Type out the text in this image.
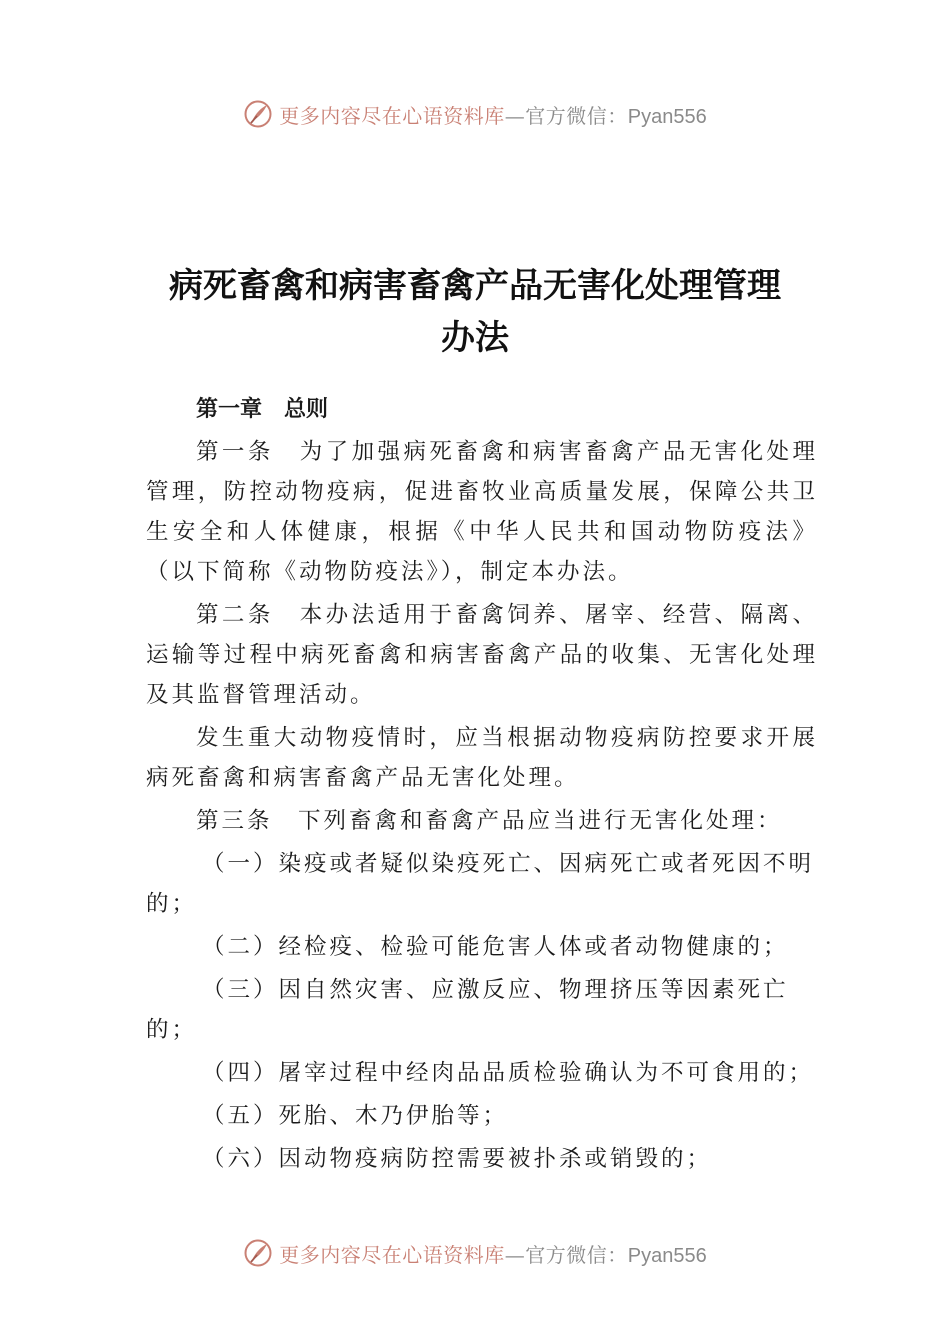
更多内容尽在心语资料库—官方微信：Pyan556
病死畜禽和病害畜禽产品无害化处理管理
办法
第一章　总则

第一条　为了加强病死畜禽和病害畜禽产品无害化处理管理，防控动物疫病，促进畜牧业高质量发展，保障公共卫生安全和人体健康，根据《中华人民共和国动物防疫法》（以下简称《动物防疫法》），制定本办法。

第二条　本办法适用于畜禽饲养、屠宰、经营、隔离、运输等过程中病死畜禽和病害畜禽产品的收集、无害化处理及其监督管理活动。

发生重大动物疫情时，应当根据动物疫病防控要求开展病死畜禽和病害畜禽产品无害化处理。

第三条　下列畜禽和畜禽产品应当进行无害化处理：

（一）染疫或者疑似染疫死亡、因病死亡或者死因不明的；

（二）经检疫、检验可能危害人体或者动物健康的；

（三）因自然灾害、应激反应、物理挤压等因素死亡的；

（四）屠宰过程中经肉品品质检验确认为不可食用的；

（五）死胎、木乃伊胎等；

（六）因动物疫病防控需要被扑杀或销毁的；

更多内容尽在心语资料库—官方微信：Pyan556
